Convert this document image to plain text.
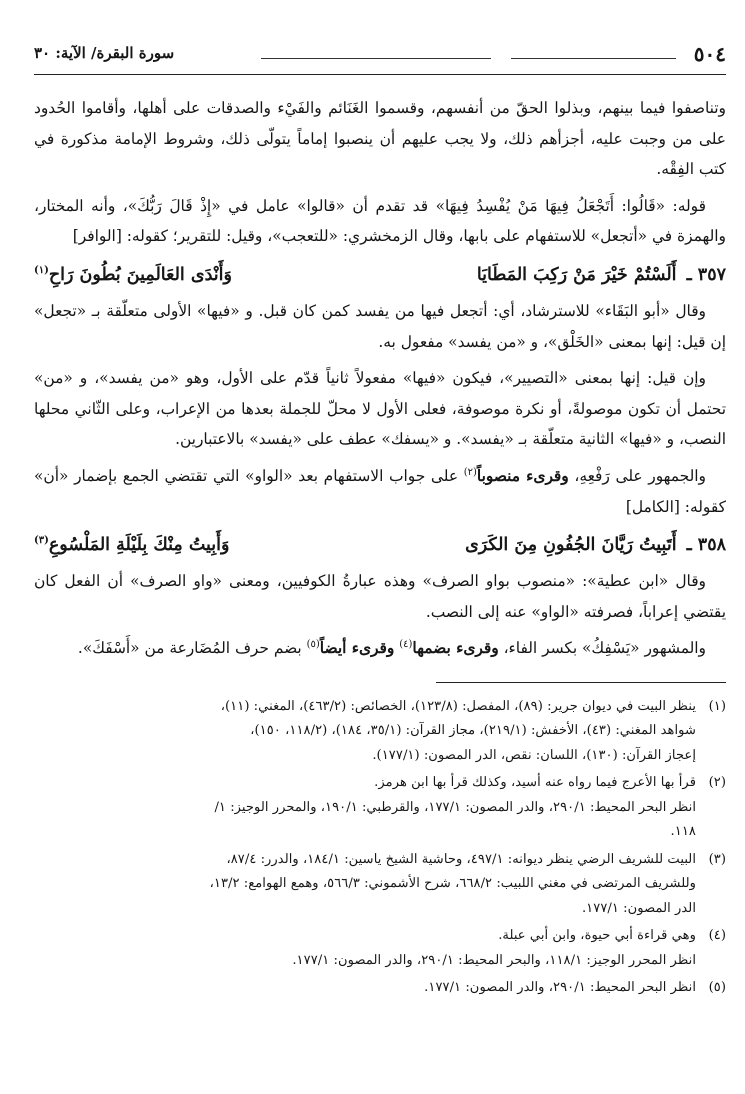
٥٠٤
سورة البقرة/ الآية: ٣٠

وتناصفوا فيما بينهم، وبذلوا الحقّ من أنفسهم، وقسموا الغَنَائم والفَيْء والصدقات على أهلها، وأقاموا الحُدود على من وجبت عليه، أجزأهم ذلك، ولا يجب عليهم أن ينصبوا إماماً يتولّى ذلك، وشروط الإمامة مذكورة في كتب الفِقْه.

قوله: «قَالُوا: أَتَجْعَلُ فِيهَا مَنْ يُفْسِدُ فِيهَا» قد تقدم أن «قالوا» عامل في «إِذْ قَالَ رَبُّكَ»، وأنه المختار، والهمزة في «أتجعل» للاستفهام على بابها، وقال الزمخشري: «للتعجب»، وقيل: للتقرير؛ كقوله: [الوافر]

٣٥٧ ـ
أَلَسْتُمْ خَيْرَ مَنْ رَكِبَ المَطَايَا
وَأَنْدَى العَالَمِينَ بُطُونَ رَاحِ$^{(١)}$

وقال «أبو البَقَاء» للاسترشاد، أي: أتجعل فيها من يفسد كمن كان قبل. و «فيها» الأولى متعلّقة بـ «تجعل» إن قيل: إنها بمعنى «الخَلْق»، و «من يفسد» مفعول به.

وإن قيل: إنها بمعنى «التصيير»، فيكون «فيها» مفعولاً ثانياً قدّم على الأول، وهو «من يفسد»، و «من» تحتمل أن تكون موصولةً، أو نكرة موصوفة، فعلى الأول لا محلّ للجملة بعدها من الإعراب، وعلى الثّاني محلها النصب، و «فيها» الثانية متعلّقة بـ «يفسد». و «يسفك» عطف على «يفسد» بالاعتبارين.

والجمهور على رَفْعِهِ، وقرىء منصوباً$^{(٢)}$ على جواب الاستفهام بعد «الواو» التي تقتضي الجمع بإضمار «أن» كقوله: [الكامل]

٣٥٨ ـ
أَتَبِيتُ رَيَّانَ الجُفُونِ مِنَ الكَرَى
وَأَبِيتُ مِنْكَ بِلَيْلَةِ المَلْسُوعِ$^{(٣)}$

وقال «ابن عطية»: «منصوب بواو الصرف» وهذه عبارةُ الكوفيين، ومعنى «واو الصرف» أن الفعل كان يقتضي إعراباً، فصرفته «الواو» عنه إلى النصب.

والمشهور «يَسْفِكُ» بكسر الفاء، وقرىء بضمها$^{(٤)}$ وقرىء أيضاً$^{(٥)}$ بضم حرف المُضَارعة من «أَسْفَكَ».

(١)
ينظر البيت في ديوان جرير: (٨٩)، المفصل: (١٢٣/٨)، الخصائص: (٤٦٣/٢)، المغني: (١١)،
شواهد المغني: (٤٣)، الأخفش: (٢١٩/١)، مجاز القرآن: (٣٥/١، ١٨٤)، (١١٨/٢، ١٥٠)،
إعجاز القرآن: (١٣٠)، اللسان: نقص، الدر المصون: (١٧٧/١).
(٢)
قرأ بها الأعرج فيما رواه عنه أسيد، وكذلك قرأ بها ابن هرمز.
انظر البحر المحيط: ٢٩٠/١، والدر المصون: ١٧٧/١، والقرطبي: ١٩٠/١، والمحرر الوجيز: ١/
١١٨.
(٣)
البيت للشريف الرضي ينظر ديوانه: ٤٩٧/١، وحاشية الشيخ ياسين: ١٨٤/١، والدرر: ٨٧/٤،
وللشريف المرتضى في مغني اللبيب: ٦٦٨/٢، شرح الأشموني: ٥٦٦/٣، وهمع الهوامع: ١٣/٢،
الدر المصون: ١٧٧/١.
(٤)
وهي قراءة أبي حيوة، وابن أبي عبلة.
انظر المحرر الوجيز: ١١٨/١، والبحر المحيط: ٢٩٠/١، والدر المصون: ١٧٧/١.
(٥)
انظر البحر المحيط: ٢٩٠/١، والدر المصون: ١٧٧/١.
